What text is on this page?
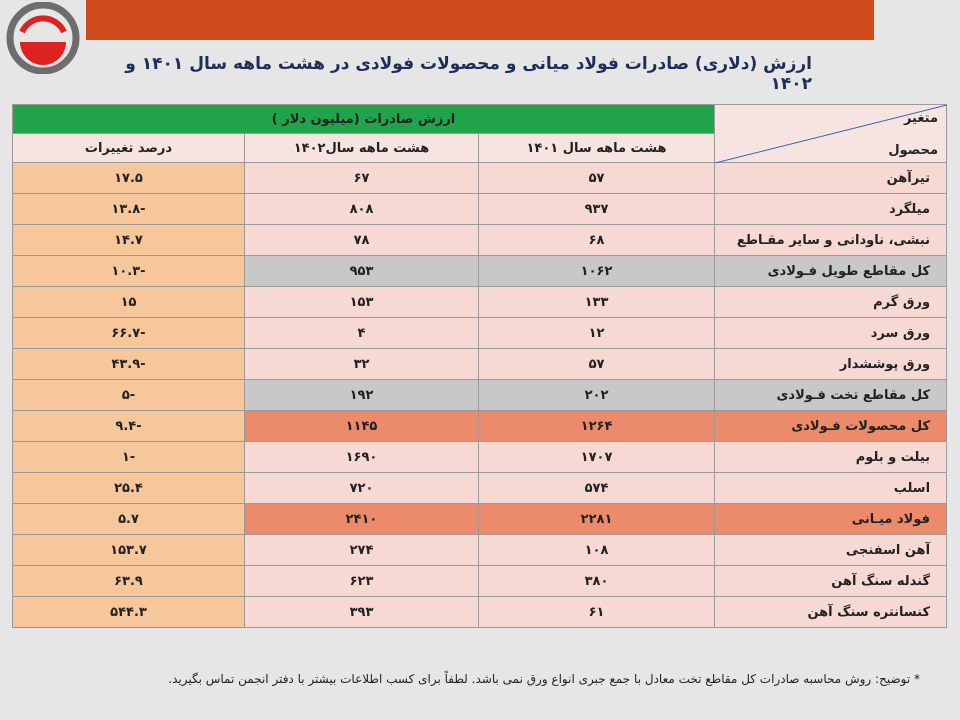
ارزش (دلاری) صادرات فولاد میانی و محصولات فولادی در هشت ماهه سال ۱۴۰۱ و ۱۴۰۲
ارزش صادرات (میلیون دلار )			متغیر
محصول

درصد تغییرات	هشت ماهه سال۱۴۰۲	هشت ماهه سال ۱۴۰۱	
۱۷.۵	۶۷	۵۷	تیرآهن
-۱۳.۸	۸۰۸	۹۳۷	میلگرد
۱۴.۷	۷۸	۶۸	نبشی، ناودانی و سایر مقـاطع
-۱۰.۳	۹۵۳	۱۰۶۲	کل مقاطع طویل فـولادی
۱۵	۱۵۳	۱۳۳	ورق گرم
-۶۶.۷	۴	۱۲	ورق سرد
-۴۳.۹	۳۲	۵۷	ورق پوششدار
-۵	۱۹۲	۲۰۲	کل مقاطع تخت فـولادی
-۹.۴	۱۱۴۵	۱۲۶۴	کل محصولات فـولادی
-۱	۱۶۹۰	۱۷۰۷	بیلت و بلوم
۲۵.۴	۷۲۰	۵۷۴	اسلب
۵.۷	۲۴۱۰	۲۲۸۱	فولاد میـانی
۱۵۳.۷	۲۷۴	۱۰۸	آهن اسفنجی
۶۳.۹	۶۲۳	۳۸۰	گندله سنگ آهن
۵۴۴.۳	۳۹۳	۶۱	کنسانتره سنگ آهن
* توضیح: روش محاسبه صادرات کل مقاطع تخت معادل با جمع جبری انواع ورق نمی باشد. لطفاً برای کسب اطلاعات بیشتر با دفتر انجمن تماس بگیرید.
